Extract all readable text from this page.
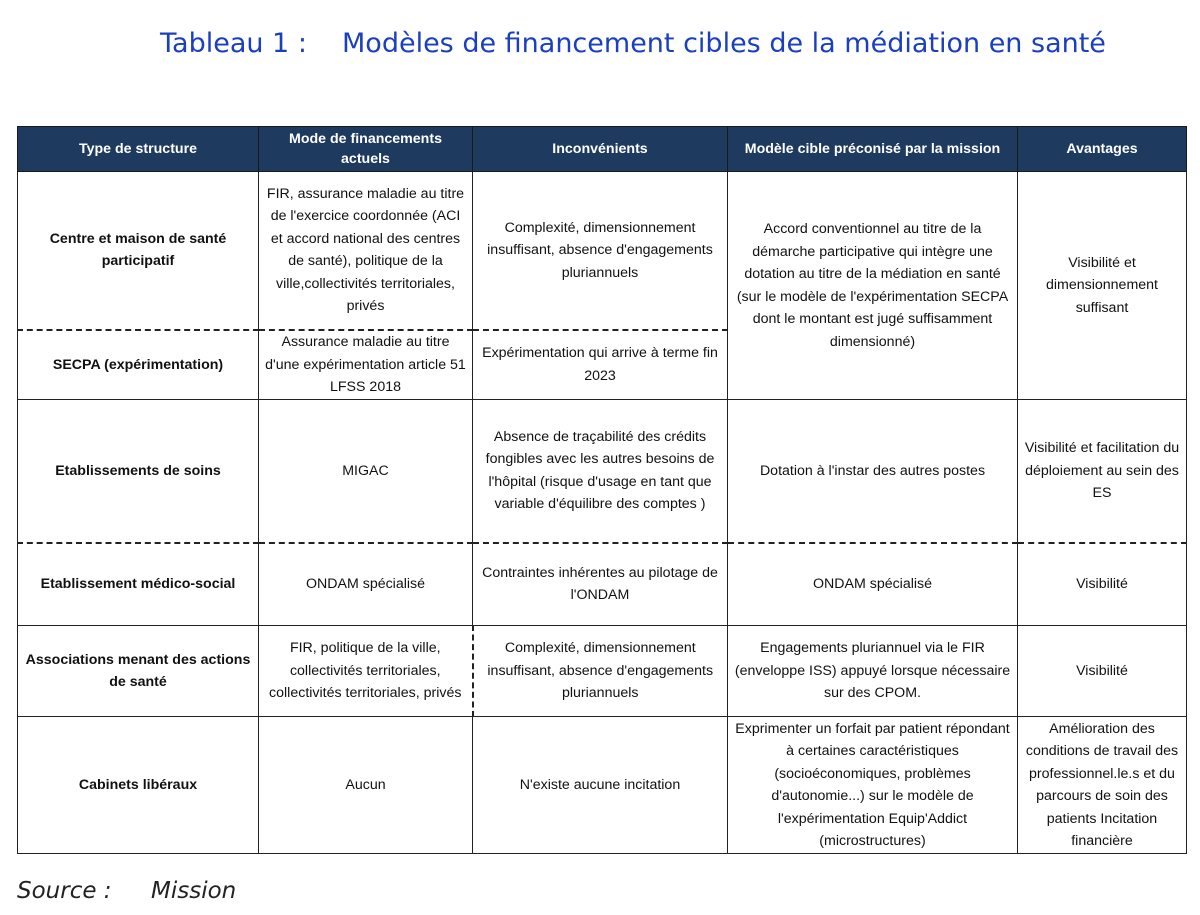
Tableau 1 : Modèles de financement cibles de la médiation en santé
Type de structure	Mode de financements actuels	Inconvénients	Modèle cible préconisé par la mission	Avantages
Centre et maison de santé participatif	FIR, assurance maladie au titre de l'exercice coordonnée (ACI et accord national des centres de santé), politique de la ville,collectivités territoriales, privés	Complexité, dimensionnement insuffisant, absence d'engagements pluriannuels	Accord conventionnel au titre de la démarche participative qui intègre une dotation au titre de la médiation en santé (sur le modèle de l'expérimentation SECPA dont le montant est jugé suffisamment dimensionné)	Visibilité et dimensionnement suffisant
SECPA (expérimentation)	Assurance maladie au titre d'une expérimentation article 51 LFSS 2018	Expérimentation qui arrive à terme fin 2023		
Etablissements de soins	MIGAC	Absence de traçabilité des crédits fongibles avec les autres besoins de l'hôpital (risque d'usage en tant que variable d'équilibre des comptes )	Dotation à l'instar des autres postes	Visibilité et facilitation du déploiement au sein des ES
Etablissement médico-social	ONDAM spécialisé	Contraintes inhérentes au pilotage de l'ONDAM	ONDAM spécialisé	Visibilité
Associations menant des actions de santé	FIR, politique de la ville, collectivités territoriales, collectivités territoriales, privés	Complexité, dimensionnement insuffisant, absence d'engagements pluriannuels	Engagements pluriannuel via le FIR (enveloppe ISS) appuyé lorsque nécessaire sur des CPOM.	Visibilité
Cabinets libéraux	Aucun	N'existe aucune incitation	Exprimenter un forfait par patient répondant à certaines caractéristiques (socioéconomiques, problèmes d'autonomie...) sur le modèle de l'expérimentation Equip'Addict (microstructures)	Amélioration des conditions de travail des professionnel.le.s et du parcours de soin des patients Incitation financière
Source : Mission
